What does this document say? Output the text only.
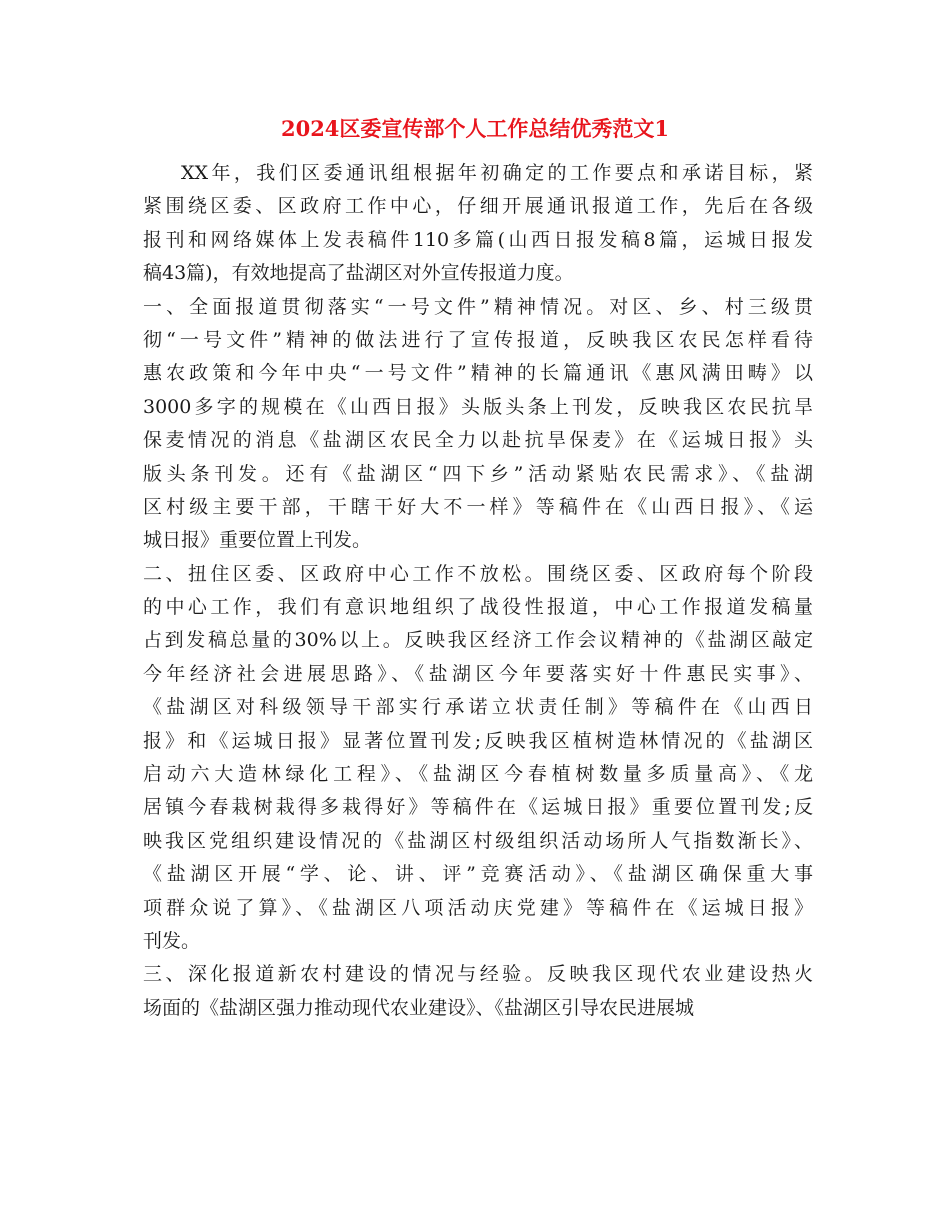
2024区委宣传部个人工作总结优秀范文1
XX年，我们区委通讯组根据年初确定的工作要点和承诺目标，紧
紧围绕区委、区政府工作中心，仔细开展通讯报道工作，先后在各级
报刊和网络媒体上发表稿件110多篇(山西日报发稿8篇，运城日报发
稿43篇)，有效地提高了盐湖区对外宣传报道力度。
一、全面报道贯彻落实“一号文件”精神情况。对区、乡、村三级贯
彻“一号文件”精神的做法进行了宣传报道，反映我区农民怎样看待
惠农政策和今年中央“一号文件”精神的长篇通讯《惠风满田畴》以
3000多字的规模在《山西日报》头版头条上刊发，反映我区农民抗旱
保麦情况的消息《盐湖区农民全力以赴抗旱保麦》在《运城日报》头
版头条刊发。还有《盐湖区“四下乡”活动紧贴农民需求》、《盐湖
区村级主要干部，干瞎干好大不一样》等稿件在《山西日报》、《运
城日报》重要位置上刊发。
二、扭住区委、区政府中心工作不放松。围绕区委、区政府每个阶段
的中心工作，我们有意识地组织了战役性报道，中心工作报道发稿量
占到发稿总量的30%以上。反映我区经济工作会议精神的《盐湖区敲定
今年经济社会进展思路》、《盐湖区今年要落实好十件惠民实事》、
《盐湖区对科级领导干部实行承诺立状责任制》等稿件在《山西日
报》和《运城日报》显著位置刊发;反映我区植树造林情况的《盐湖区
启动六大造林绿化工程》、《盐湖区今春植树数量多质量高》、《龙
居镇今春栽树栽得多栽得好》等稿件在《运城日报》重要位置刊发;反
映我区党组织建设情况的《盐湖区村级组织活动场所人气指数渐长》、
《盐湖区开展“学、论、讲、评”竞赛活动》、《盐湖区确保重大事
项群众说了算》、《盐湖区八项活动庆党建》等稿件在《运城日报》
刊发。
三、深化报道新农村建设的情况与经验。反映我区现代农业建设热火
场面的《盐湖区强力推动现代农业建设》、《盐湖区引导农民进展城
